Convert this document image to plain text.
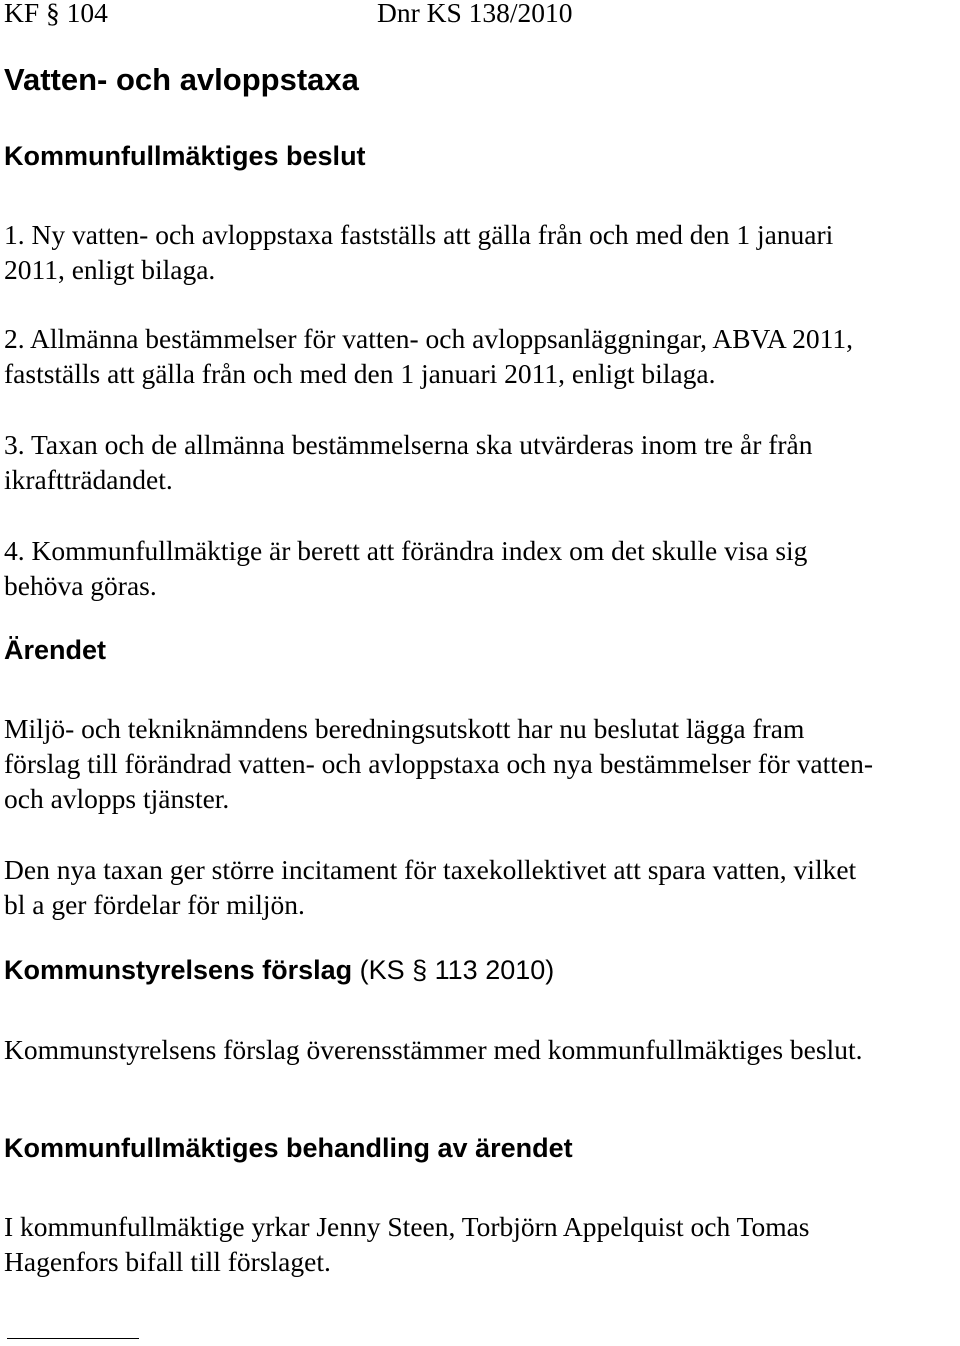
KF § 104	Dnr KS 138/2010
Vatten- och avloppstaxa
Kommunfullmäktiges beslut
1. Ny vatten- och avloppstaxa fastställs att gälla från och med den 1 januari
2011, enligt bilaga.
2. Allmänna bestämmelser för vatten- och avloppsanläggningar, ABVA 2011,
fastställs att gälla från och med den 1 januari 2011, enligt bilaga.
3. Taxan och de allmänna bestämmelserna ska utvärderas inom tre år från
ikraftträdandet.
4. Kommunfullmäktige är berett att förändra index om det skulle visa sig
behöva göras.
Ärendet
Miljö- och tekniknämndens beredningsutskott har nu beslutat lägga fram
förslag till förändrad vatten- och avloppstaxa och nya bestämmelser för vatten-
och avlopps tjänster.
Den nya taxan ger större incitament för taxekollektivet att spara vatten, vilket
bl a ger fördelar för miljön.
Kommunstyrelsens förslag (KS § 113 2010)
Kommunstyrelsens förslag överensstämmer med kommunfullmäktiges beslut.
Kommunfullmäktiges behandling av ärendet
I kommunfullmäktige yrkar Jenny Steen, Torbjörn Appelquist och Tomas
Hagenfors bifall till förslaget.
